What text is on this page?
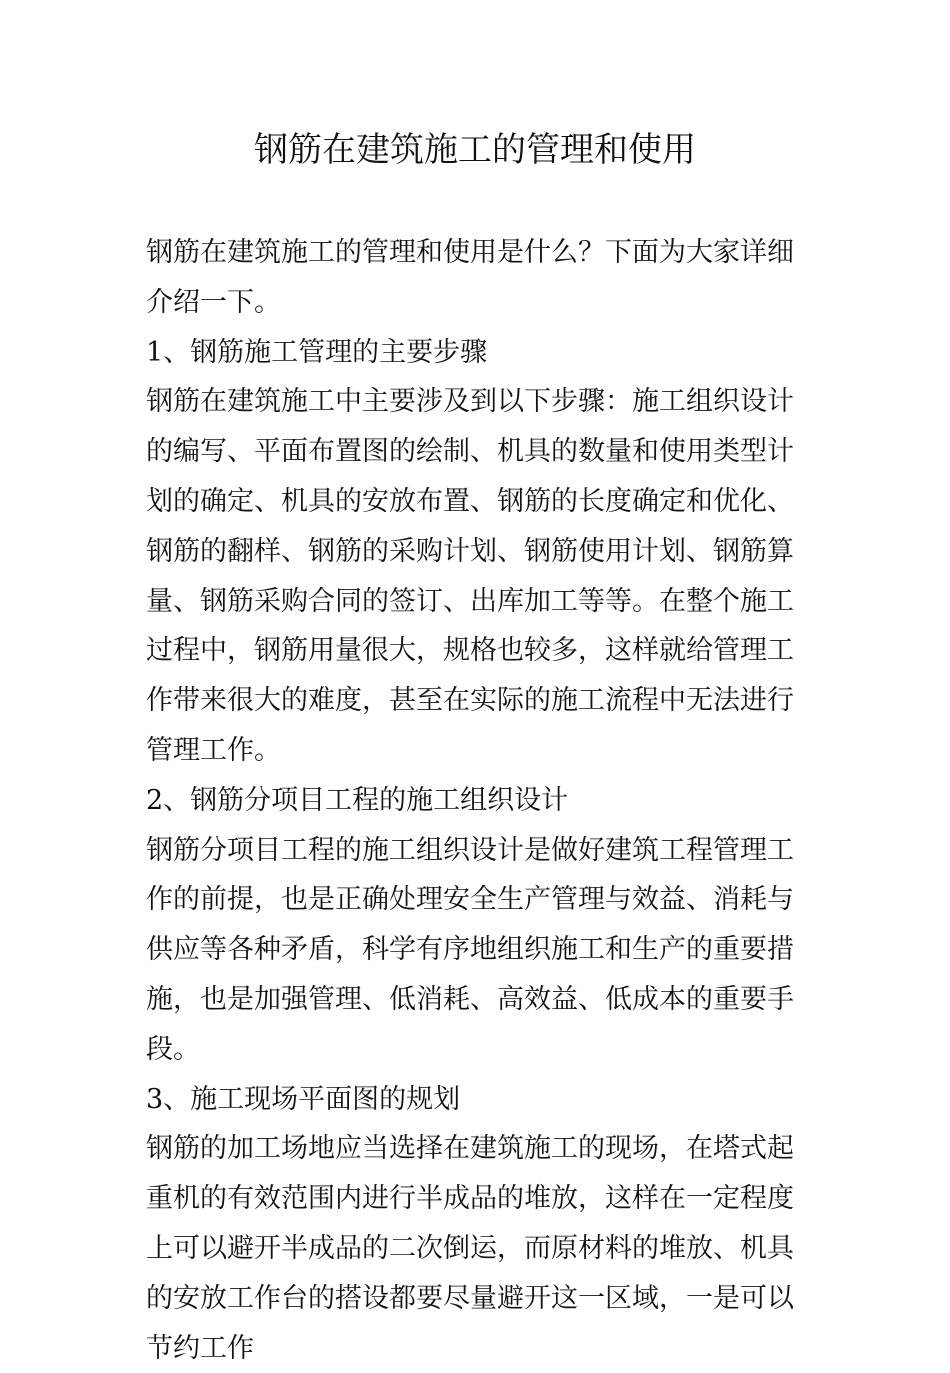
钢筋在建筑施工的管理和使用

钢筋在建筑施工的管理和使用是什么？下面为大家详细介绍一下。

1、钢筋施工管理的主要步骤

钢筋在建筑施工中主要涉及到以下步骤：施工组织设计的编写、平面布置图的绘制、机具的数量和使用类型计划的确定、机具的安放布置、钢筋的长度确定和优化、钢筋的翻样、钢筋的采购计划、钢筋使用计划、钢筋算量、钢筋采购合同的签订、出库加工等等。在整个施工过程中，钢筋用量很大，规格也较多，这样就给管理工作带来很大的难度，甚至在实际的施工流程中无法进行管理工作。

2、钢筋分项目工程的施工组织设计

钢筋分项目工程的施工组织设计是做好建筑工程管理工作的前提，也是正确处理安全生产管理与效益、消耗与供应等各种矛盾，科学有序地组织施工和生产的重要措施，也是加强管理、低消耗、高效益、低成本的重要手段。

3、施工现场平面图的规划

钢筋的加工场地应当选择在建筑施工的现场，在塔式起重机的有效范围内进行半成品的堆放，这样在一定程度上可以避开半成品的二次倒运，而原材料的堆放、机具的安放工作台的搭设都要尽量避开这一区域，一是可以节约工作
